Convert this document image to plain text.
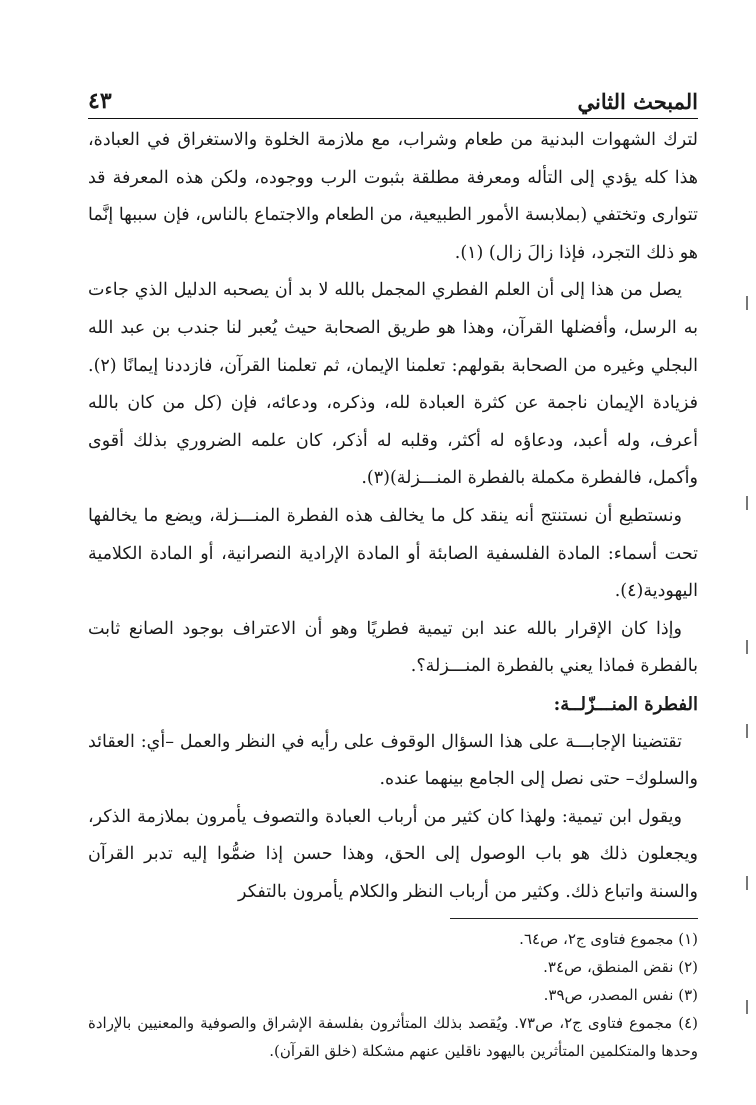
المبحث الثاني
٤٣

لترك الشهوات البدنية من طعام وشراب، مع ملازمة الخلوة والاستغراق في العبادة، هذا كله يؤدي إلى التأله ومعرفة مطلقة بثبوت الرب ووجوده، ولكن هذه المعرفة قد تتوارى وتختفي (بملابسة الأمور الطبيعية، من الطعام والاجتماع بالناس، فإن سببها إنَّما هو ذلك التجرد، فإذا زالَ زال) (١).

يصل من هذا إلى أن العلم الفطري المجمل بالله لا بد أن يصحبه الدليل الذي جاءت به الرسل، وأفضلها القرآن، وهذا هو طريق الصحابة حيث يُعبر لنا جندب بن عبد الله البجلي وغيره من الصحابة بقولهم: تعلمنا الإيمان، ثم تعلمنا القرآن، فازددنا إيمانًا (٢). فزيادة الإيمان ناجمة عن كثرة العبادة لله، وذكره، ودعائه، فإن (كل من كان بالله أعرف، وله أعبد، ودعاؤه له أكثر، وقلبه له أذكر، كان علمه الضروري بذلك أقوى وأكمل، فالفطرة مكملة بالفطرة المنـــزلة)(٣).

ونستطيع أن نستنتج أنه ينقد كل ما يخالف هذه الفطرة المنـــزلة، ويضع ما يخالفها تحت أسماء: المادة الفلسفية الصابئة أو المادة الإرادية النصرانية، أو المادة الكلامية اليهودية(٤).

وإذا كان الإقرار بالله عند ابن تيمية فطريًا وهو أن الاعتراف بوجود الصانع ثابت بالفطرة فماذا يعني بالفطرة المنـــزلة؟.

الفطرة المنـــزّلــة:

تقتضينا الإجابـــة على هذا السؤال الوقوف على رأيه في النظر والعمل –أي: العقائد والسلوك– حتى نصل إلى الجامع بينهما عنده.

ويقول ابن تيمية: ولهذا كان كثير من أرباب العبادة والتصوف يأمرون بملازمة الذكر، ويجعلون ذلك هو باب الوصول إلى الحق، وهذا حسن إذا ضمُّوا إليه تدبر القرآن والسنة واتباع ذلك. وكثير من أرباب النظر والكلام يأمرون بالتفكر

(١) مجموع فتاوى ج٢، ص٦٤.
(٢) نقض المنطق، ص٣٤.
(٣) نفس المصدر، ص٣٩.
(٤) مجموع فتاوى ج٢، ص٧٣. ويُقصد بذلك المتأثرون بفلسفة الإشراق والصوفية والمعنيين بالإرادة وحدها والمتكلمين المتأثرين باليهود ناقلين عنهم مشكلة (خلق القرآن).
